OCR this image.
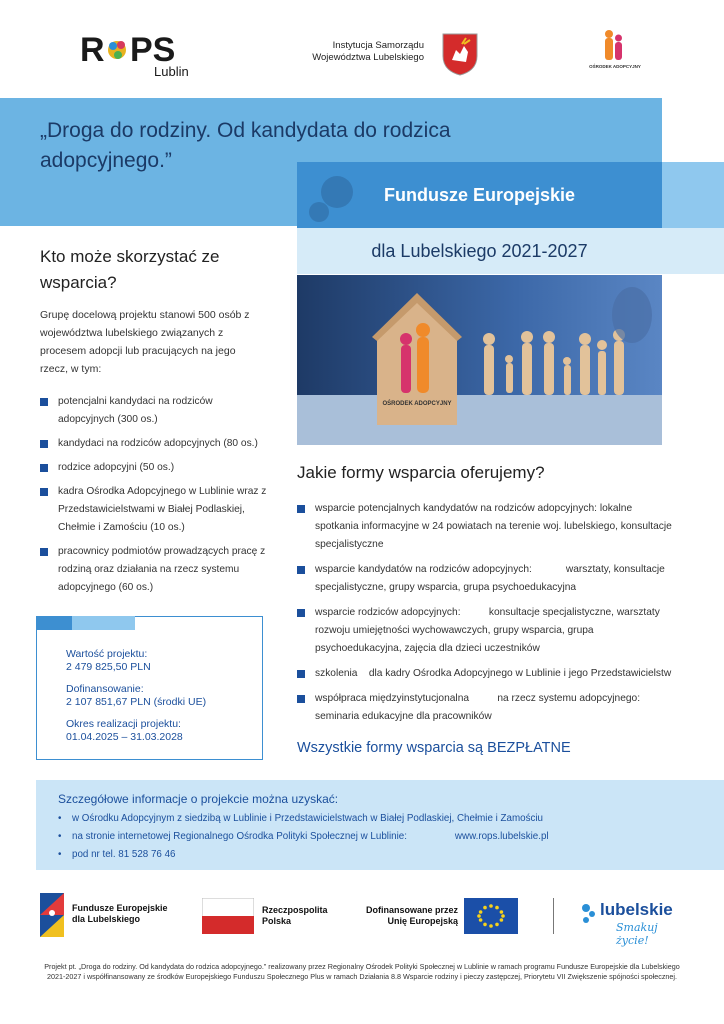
R PS
Lublin
Instytucja Samorządu
Województwa Lubelskiego
OŚRODEK ADOPCYJNY
„Droga do rodziny. Od kandydata do rodzica adopcyjnego.”
Fundusze Europejskie
dla Lubelskiego 2021-2027
Kto może skorzystać ze wsparcia?
Grupę docelową projektu stanowi 500 osób z województwa lubelskiego związanych z procesem adopcji lub pracujących na jego rzecz, w tym:
potencjalni kandydaci na rodziców adopcyjnych (300 os.)
kandydaci na rodziców adopcyjnych (80 os.)
rodzice adopcyjni (50 os.)
kadra Ośrodka Adopcyjnego w Lublinie wraz z Przedstawicielstwami w Białej Podlaskiej, Chełmie i Zamościu (10 os.)
pracownicy podmiotów prowadzących pracę z rodziną oraz działania na rzecz systemu adopcyjnego (60 os.)
Wartość projektu:
2 479 825,50 PLN
Dofinansowanie:
2 107 851,67 PLN (środki UE)
Okres realizacji projektu:
01.04.2025 – 31.03.2028
OŚRODEK ADOPCYJNY
Jakie formy wsparcia oferujemy?
wsparcie potencjalnych kandydatów na rodziców adopcyjnych: lokalne spotkania informacyjne w 24 powiatach na terenie woj. lubelskiego, konsultacje specjalistyczne
wsparcie kandydatów na rodziców adopcyjnych:	warsztaty, konsultacje specjalistyczne, grupy wsparcia, grupa psychoedukacyjna
wsparcie rodziców adopcyjnych:	konsultacje specjalistyczne, warsztaty rozwoju umiejętności wychowawczych, grupy wsparcia, grupa psychoedukacyjna, zajęcia dla dzieci uczestników
szkolenia dla kadry Ośrodka Adopcyjnego w Lublinie i jego Przedstawicielstw
współpraca międzyinstytucjonalna	na rzecz systemu adopcyjnego: seminaria edukacyjne dla pracowników
Wszystkie formy wsparcia są BEZPŁATNE
Szczegółowe informacje o projekcie można uzyskać:
• w Ośrodku Adopcyjnym z siedzibą w Lublinie i Przedstawicielstwach w Białej Podlaskiej, Chełmie i Zamościu
• na stronie internetowej Regionalnego Ośrodka Polityki Społecznej w Lublinie:	www.rops.lubelskie.pl
• pod nr tel. 81 528 76 46
Fundusze Europejskie
dla Lubelskiego
Rzeczpospolita
Polska
Dofinansowane przez
Unię Europejską
lubelskie
Smakuj życie!
Projekt pt. „Droga do rodziny. Od kandydata do rodzica adopcyjnego.” realizowany przez Regionalny Ośrodek Polityki Społecznej w Lublinie w ramach programu Fundusze Europejskie dla Lubelskiego 2021-2027 i współfinansowany ze środków Europejskiego Funduszu Społecznego Plus w ramach Działania 8.8 Wsparcie rodziny i pieczy zastępczej, Priorytetu VII Zwiększenie spójności społecznej.
